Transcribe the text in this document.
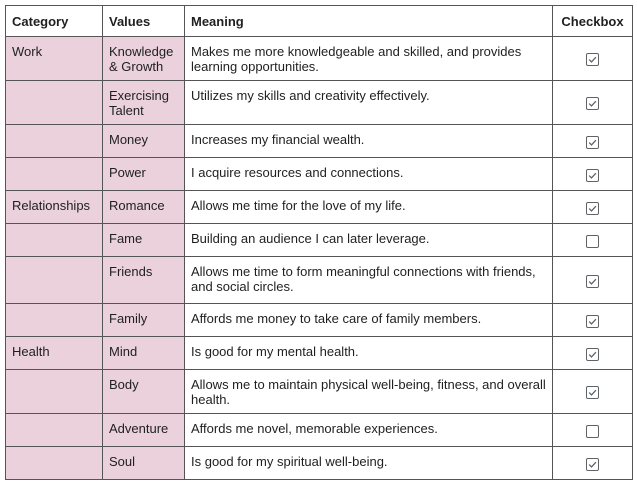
Category	Values	Meaning	Checkbox
Work	Knowledge & Growth	Makes me more knowledgeable and skilled, and provides learning opportunities.	

	Exercising Talent	Utilizes my skills and creativity effectively.	

	Money	Increases my financial wealth.	

	Power	I acquire resources and connections.	

Relationships	Romance	Allows me time for the love of my life.	

	Fame	Building an audience I can later leverage.	
	Friends	Allows me time to form meaningful connections with friends, and social circles.	

	Family	Affords me money to take care of family members.	

Health	Mind	Is good for my mental health.	

	Body	Allows me to maintain physical well-being, fitness, and overall health.	

	Adventure	Affords me novel, memorable experiences.	
	Soul	Is good for my spiritual well-being.	
